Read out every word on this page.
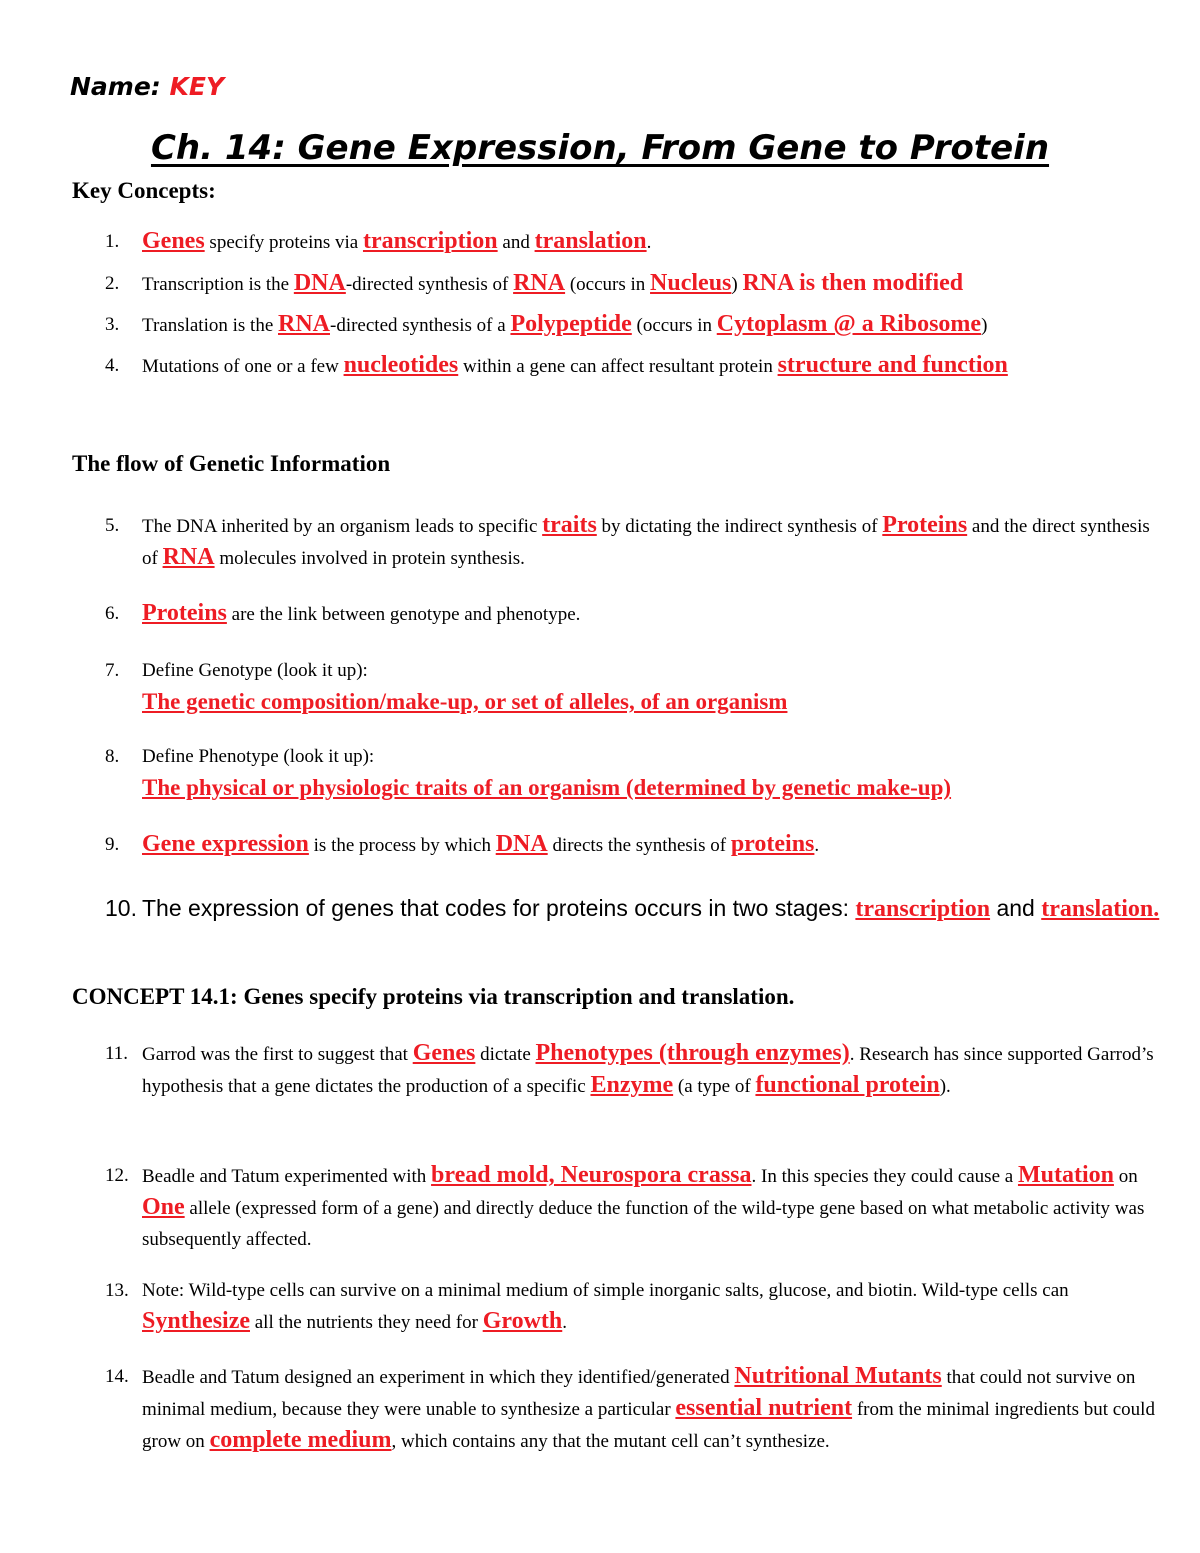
Name: KEY
Ch. 14: Gene Expression, From Gene to Protein
Key Concepts:
1. Genes specify proteins via transcription and translation.
2.	Transcription is the DNA-directed synthesis of RNA (occurs in Nucleus) RNA is then modified
3.	Translation is the RNA-directed synthesis of a Polypeptide (occurs in Cytoplasm @ a Ribosome)
4.	Mutations of one or a few nucleotides within a gene can affect resultant protein structure and function
The flow of Genetic Information
5.	The DNA inherited by an organism leads to specific traits by dictating the indirect synthesis of Proteins and the direct synthesis of RNA molecules involved in protein synthesis.
6. Proteins are the link between genotype and phenotype.
7.	Define Genotype (look it up):
The genetic composition/make-up, or set of alleles, of an organism
8.	Define Phenotype (look it up):
The physical or physiologic traits of an organism (determined by genetic make-up)
9. Gene expression is the process by which DNA directs the synthesis of proteins.
10. The expression of genes that codes for proteins occurs in two stages: transcription and translation.
CONCEPT 14.1: Genes specify proteins via transcription and translation.
11. Garrod was the first to suggest that Genes dictate Phenotypes (through enzymes). Research has since supported Garrod’s hypothesis that a gene dictates the production of a specific Enzyme (a type of functional protein).
12. Beadle and Tatum experimented with bread mold, Neurospora crassa. In this species they could cause a Mutation on One allele (expressed form of a gene) and directly deduce the function of the wild-type gene based on what metabolic activity was subsequently affected.
13. Note: Wild-type cells can survive on a minimal medium of simple inorganic salts, glucose, and biotin. Wild-type cells can Synthesize all the nutrients they need for Growth.
14. Beadle and Tatum designed an experiment in which they identified/generated Nutritional Mutants that could not survive on minimal medium, because they were unable to synthesize a particular essential nutrient from the minimal ingredients but could grow on complete medium, which contains any that the mutant cell can’t synthesize.
